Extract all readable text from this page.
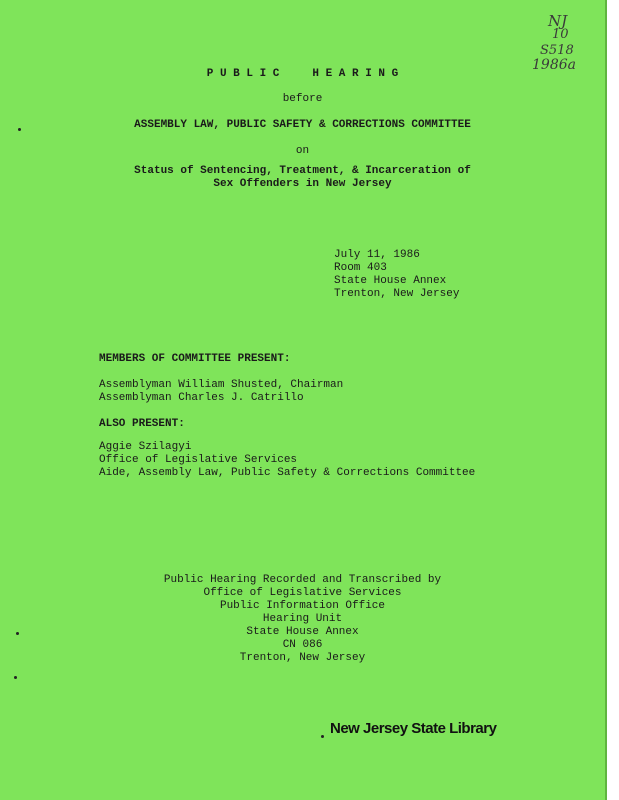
NJ
10
S518
1986a
P U B L I C     H E A R I N G
before
ASSEMBLY LAW, PUBLIC SAFETY & CORRECTIONS COMMITTEE
on
Status of Sentencing, Treatment, & Incarceration of
Sex Offenders in New Jersey
July 11, 1986
Room 403
State House Annex
Trenton, New Jersey
MEMBERS OF COMMITTEE PRESENT:
Assemblyman William Shusted, Chairman
Assemblyman Charles J. Catrillo
ALSO PRESENT:
Aggie Szilagyi
Office of Legislative Services
Aide, Assembly Law, Public Safety & Corrections Committee
Public Hearing Recorded and Transcribed by
Office of Legislative Services
Public Information Office
Hearing Unit
State House Annex
CN 086
Trenton, New Jersey
New Jersey State Library
